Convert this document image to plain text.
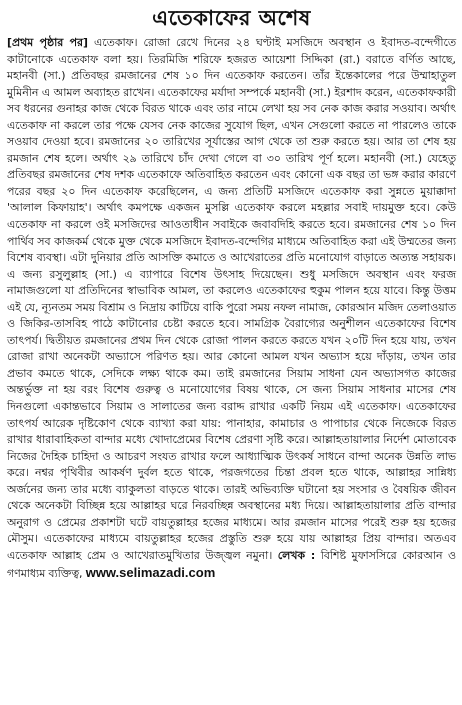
এতেকাফের অশেষ

[প্রথম পৃষ্ঠার পর] এতেকাফ। রোজা রেখে দিনের ২৪ ঘণ্টাই মসজিদে অবস্থান ও ইবাদত-বন্দেগীতে কাটানোকে এতেকাফ বলা হয়। তিরমিজি শরিফে হজরত আয়েশা সিদ্দিকা (রা.) বরাতে বর্ণিত আছে, মহানবী (সা.) প্রতিবছর রমজানের শেষ ১০ দিন এতেকাফ করতেন। তাঁর ইন্তেকালের পরে উম্মাহাতুল মুমিনীন এ আমল অব্যাহত রাখেন। এতেকাফের মর্যাদা সম্পর্কে মহানবী (সা.) ইরশাদ করেন, এতেকাফকারী সব ধরনের গুনাহর কাজ থেকে বিরত থাকে এবং তার নামে লেখা হয় সব নেক কাজ করার সওয়াব। অর্থাৎ এতেকাফ না করলে তার পক্ষে যেসব নেক কাজের সুযোগ ছিল, এখন সেগুলো করতে না পারলেও তাকে সওয়াব দেওয়া হবে। রমজানের ২০ তারিখের সূর্যাস্তের আগ থেকে তা শুরু করতে হয়। আর তা শেষ হয় রমজান শেষ হলে। অর্থাৎ ২৯ তারিখে চাঁদ দেখা গেলে বা ৩০ তারিখ পূর্ণ হলে। মহানবী (সা.) যেহেতু প্রতিবছর রমজানের শেষ দশক এতেকাফে অতিবাহিত করতেন এবং কোনো এক বছর তা ভঙ্গ করার কারণে পরের বছর ২০ দিন এতেকাফ করেছিলেন, এ জন্য প্রতিটি মসজিদে এতেকাফ করা সুন্নতে মুয়াক্কাদা 'আলাল কিফায়াহ'। অর্থাৎ কমপক্ষে একজন মুসল্লি এতেকাফ করলে মহল্লার সবাই দায়মুক্ত হবে। কেউ এতেকাফ না করলে ওই মসজিদের আওতাধীন সবাইকে জবাবদিহি করতে হবে। রমজানের শেষ ১০ দিন পার্থিব সব কাজকর্ম থেকে মুক্ত থেকে মসজিদে ইবাদত-বন্দেগির মাধ্যমে অতিবাহিত করা এই উম্মতের জন্য বিশেষ ব্যবস্থা। এটা দুনিয়ার প্রতি আসক্তি কমাতে ও আখেরাতের প্রতি মনোযোগ বাড়াতে অত্যন্ত সহায়ক। এ জন্য রসুলুল্লাহ (সা.) এ ব্যাপারে বিশেষ উৎসাহ দিয়েছেন। শুধু মসজিদে অবস্থান এবং ফরজ নামাজগুলো যা প্রতিদিনের স্বাভাবিক আমল, তা করলেও এতেকাফের হুকুম পালন হয়ে যাবে। কিন্তু উত্তম এই যে, ন্যূনতম সময় বিশ্রাম ও নিদ্রায় কাটিয়ে বাকি পুরো সময় নফল নামাজ, কোরআন মজিদ তেলাওয়াত ও জিকির-তাসবিহ পাঠে কাটানোর চেষ্টা করতে হবে। সামগ্রিক বৈরাগ্যের অনুশীলন এতেকাফের বিশেষ তাৎপর্য। দ্বিতীয়ত রমজানের প্রথম দিন থেকে রোজা পালন করতে করতে যখন ২০টি দিন হয়ে যায়, তখন রোজা রাখা অনেকটা অভ্যাসে পরিণত হয়। আর কোনো আমল যখন অভ্যাস হয়ে দাঁড়ায়, তখন তার প্রভাব কমতে থাকে, সেদিকে লক্ষ্য থাকে কম। তাই রমজানের সিয়াম সাধনা যেন অভ্যাসগত কাজের অন্তর্ভুক্ত না হয় বরং বিশেষ গুরুত্ব ও মনোযোগের বিষয় থাকে, সে জন্য সিয়াম সাধনার মাসের শেষ দিনগুলো একান্তভাবে সিয়াম ও সালাতের জন্য বরাদ্দ রাখার একটি নিয়ম এই এতেকাফ। এতেকাফের তাৎপর্য আরেক দৃষ্টিকোণ থেকে ব্যাখ্যা করা যায়: পানাহার, কামাচার ও পাপাচার থেকে নিজেকে বিরত রাখার ধারাবাহিকতা বান্দার মধ্যে খোদাপ্রেমের বিশেষ প্রেরণা সৃষ্টি করে। আল্লাহতায়ালার নির্দেশ মোতাবেক নিজের দৈহিক চাহিদা ও আচরণ সংযত রাখার ফলে আধ্যাত্মিক উৎকর্ষ সাধনে বান্দা অনেক উন্নতি লাভ করে। নশ্বর পৃথিবীর আকর্ষণ দুর্বল হতে থাকে, পরজগতের চিন্তা প্রবল হতে থাকে, আল্লাহর সান্নিধ্য অর্জনের জন্য তার মধ্যে ব্যাকুলতা বাড়তে থাকে। তারই অভিব্যক্তি ঘটানো হয় সংসার ও বৈষয়িক জীবন থেকে অনেকটা বিচ্ছিন্ন হয়ে আল্লাহর ঘরে নিরবচ্ছিন্ন অবস্থানের মধ্য দিয়ে। আল্লাহতায়ালার প্রতি বান্দার অনুরাগ ও প্রেমের প্রকাশটা ঘটে বায়তুল্লাহর হজের মাধ্যমে। আর রমজান মাসের পরেই শুরু হয় হজের মৌসুম। এতেকাফের মাধ্যমে বায়তুল্লাহর হজের প্রস্তুতি শুরু হয়ে যায় আল্লাহর প্রিয় বান্দার। অতএব এতেকাফ আল্লাহ প্রেম ও আখেরাতমুখিতার উজ্জ্বল নমুনা। লেখক : বিশিষ্ট মুফাসসিরে কোরআন ও গণমাধ্যম ব্যক্তিত্ব, www.selimazadi.com
